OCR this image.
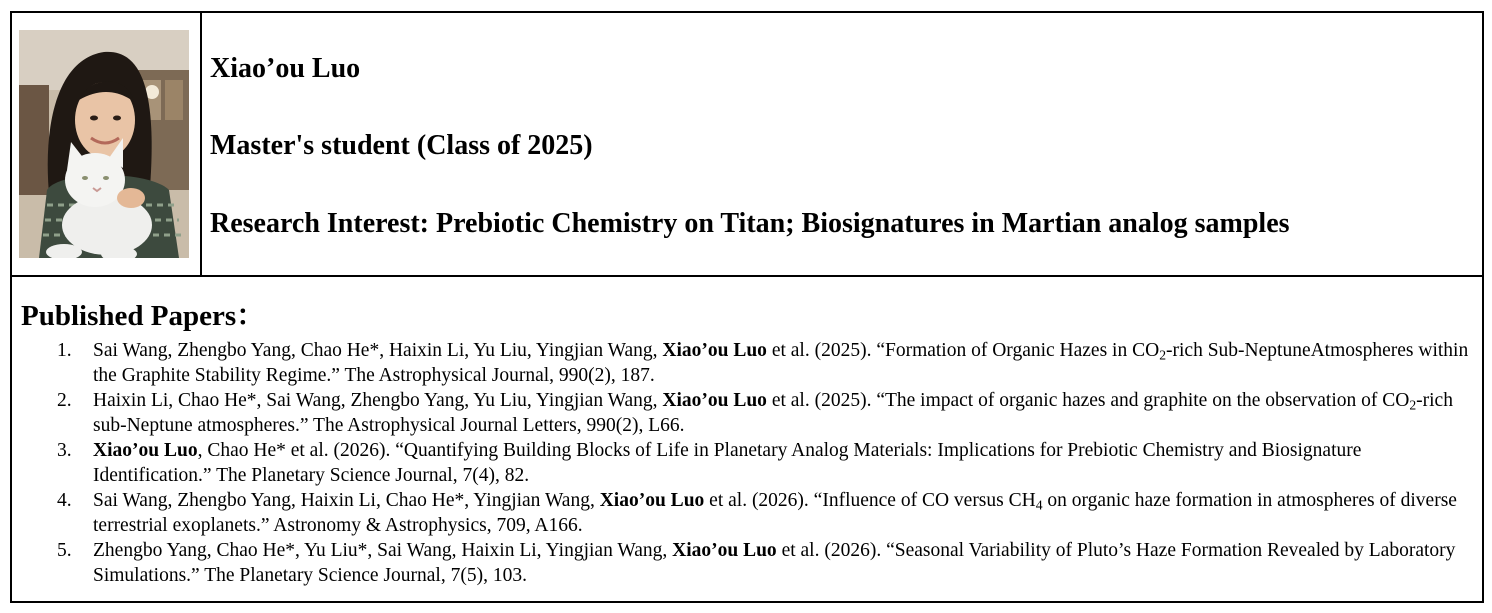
Xiao’ou Luo
Master's student (Class of 2025)
Research Interest: Prebiotic Chemistry on Titan; Biosignatures in Martian analog samples
Published Papers：
1. Sai Wang, Zhengbo Yang, Chao He*, Haixin Li, Yu Liu, Yingjian Wang, Xiao’ou Luo et al. (2025). “Formation of Organic Hazes in $CO_2$-rich Sub-NeptuneAtmospheres within the Graphite Stability Regime.” The Astrophysical Journal, 990(2), 187.
2. Haixin Li, Chao He*, Sai Wang, Zhengbo Yang, Yu Liu, Yingjian Wang, Xiao’ou Luo et al. (2025). “The impact of organic hazes and graphite on the observation of $CO_2$-rich sub-Neptune atmospheres.” The Astrophysical Journal Letters, 990(2), L66.
3. Xiao’ou Luo, Chao He* et al. (2026). “Quantifying Building Blocks of Life in Planetary Analog Materials: Implications for Prebiotic Chemistry and Biosignature Identification.” The Planetary Science Journal, 7(4), 82.
4. Sai Wang, Zhengbo Yang, Haixin Li, Chao He*, Yingjian Wang, Xiao’ou Luo et al. (2026). “Influence of CO versus $CH_4$ on organic haze formation in atmospheres of diverse terrestrial exoplanets.” Astronomy & Astrophysics, 709, A166.
5. Zhengbo Yang, Chao He*, Yu Liu*, Sai Wang, Haixin Li, Yingjian Wang, Xiao’ou Luo et al. (2026). “Seasonal Variability of Pluto’s Haze Formation Revealed by Laboratory Simulations.” The Planetary Science Journal, 7(5), 103.
